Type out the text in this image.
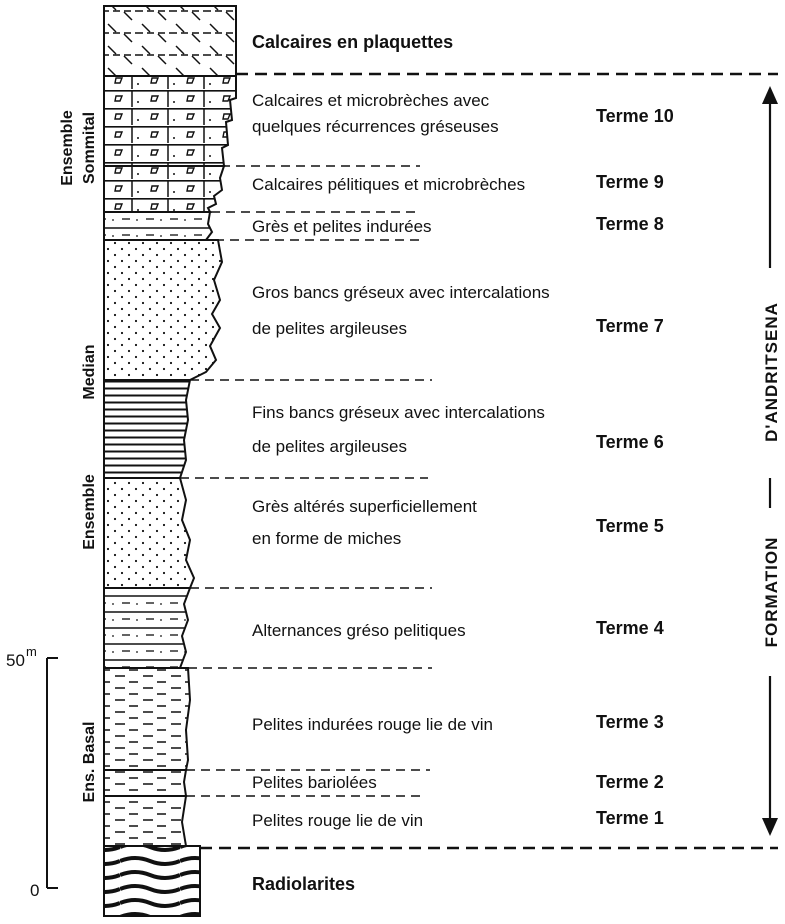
D'ANDRITSENA
FORMATION
Ensemble Sommital
Ensemble
Median
Ens. Basal
50 m
0
Calcaires en plaquettes
Radiolarites
Calcaires et microbrèches avec
quelques récurrences gréseuses
Calcaires pélitiques et microbrèches
Grès et pelites indurées
Gros bancs gréseux avec intercalations
de pelites argileuses
Fins bancs gréseux avec intercalations
de pelites argileuses
Grès altérés superficiellement
en forme de miches
Alternances gréso pelitiques
Pelites indurées rouge lie de vin
Pelites bariolées
Pelites rouge lie de vin
Terme 10
Terme 9
Terme 8
Terme 7
Terme 6
Terme 5
Terme 4
Terme 3
Terme 2
Terme 1
